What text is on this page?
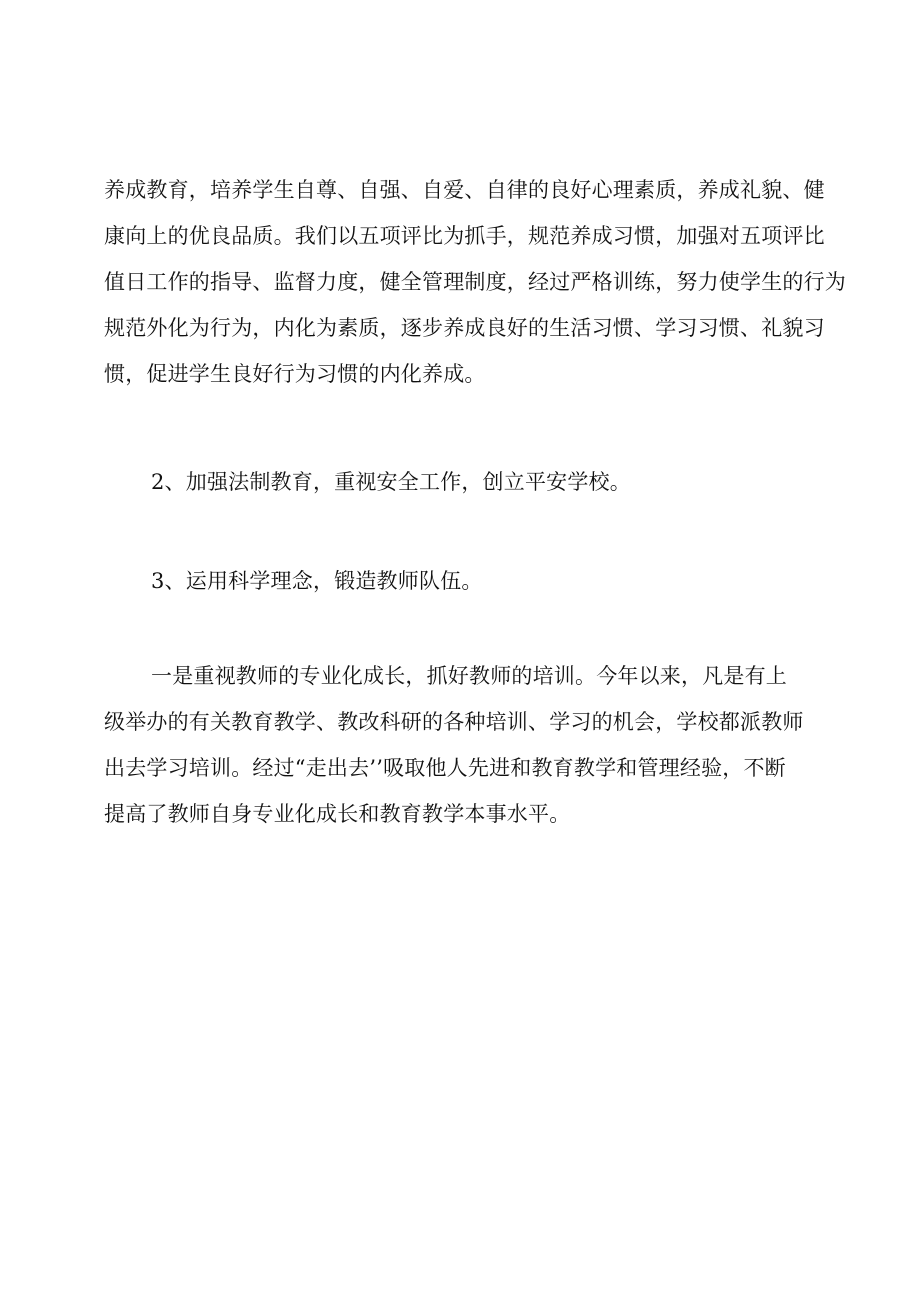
养成教育，培养学生自尊、自强、自爱、自律的良好心理素质，养成礼貌、健
康向上的优良品质。我们以五项评比为抓手，规范养成习惯，加强对五项评比
值日工作的指导、监督力度，健全管理制度，经过严格训练，努力使学生的行为
规范外化为行为，内化为素质，逐步养成良好的生活习惯、学习习惯、礼貌习
惯，促进学生良好行为习惯的内化养成。
2、加强法制教育，重视安全工作，创立平安学校。
3、运用科学理念，锻造教师队伍。
一是重视教师的专业化成长，抓好教师的培训。今年以来，凡是有上
级举办的有关教育教学、教改科研的各种培训、学习的机会，学校都派教师
出去学习培训。经过“走出去’’吸取他人先进和教育教学和管理经验，不断
提高了教师自身专业化成长和教育教学本事水平。
